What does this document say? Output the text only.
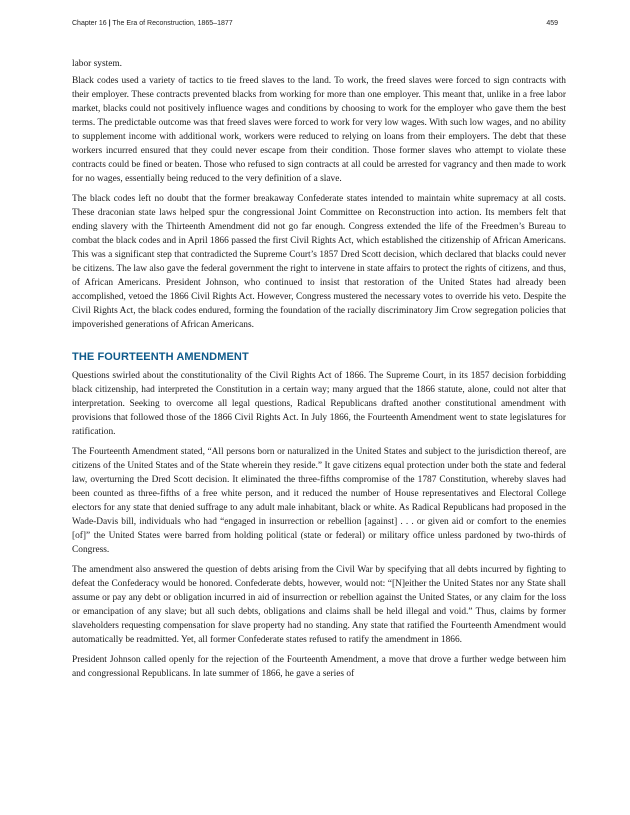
Chapter 16 | The Era of Reconstruction, 1865–1877	459

labor system.

Black codes used a variety of tactics to tie freed slaves to the land. To work, the freed slaves were forced to sign contracts with their employer. These contracts prevented blacks from working for more than one employer. This meant that, unlike in a free labor market, blacks could not positively influence wages and conditions by choosing to work for the employer who gave them the best terms. The predictable outcome was that freed slaves were forced to work for very low wages. With such low wages, and no ability to supplement income with additional work, workers were reduced to relying on loans from their employers. The debt that these workers incurred ensured that they could never escape from their condition. Those former slaves who attempt to violate these contracts could be fined or beaten. Those who refused to sign contracts at all could be arrested for vagrancy and then made to work for no wages, essentially being reduced to the very definition of a slave.

The black codes left no doubt that the former breakaway Confederate states intended to maintain white supremacy at all costs. These draconian state laws helped spur the congressional Joint Committee on Reconstruction into action. Its members felt that ending slavery with the Thirteenth Amendment did not go far enough. Congress extended the life of the Freedmen’s Bureau to combat the black codes and in April 1866 passed the first Civil Rights Act, which established the citizenship of African Americans. This was a significant step that contradicted the Supreme Court’s 1857 Dred Scott decision, which declared that blacks could never be citizens. The law also gave the federal government the right to intervene in state affairs to protect the rights of citizens, and thus, of African Americans. President Johnson, who continued to insist that restoration of the United States had already been accomplished, vetoed the 1866 Civil Rights Act. However, Congress mustered the necessary votes to override his veto. Despite the Civil Rights Act, the black codes endured, forming the foundation of the racially discriminatory Jim Crow segregation policies that impoverished generations of African Americans.

THE FOURTEENTH AMENDMENT

Questions swirled about the constitutionality of the Civil Rights Act of 1866. The Supreme Court, in its 1857 decision forbidding black citizenship, had interpreted the Constitution in a certain way; many argued that the 1866 statute, alone, could not alter that interpretation. Seeking to overcome all legal questions, Radical Republicans drafted another constitutional amendment with provisions that followed those of the 1866 Civil Rights Act. In July 1866, the Fourteenth Amendment went to state legislatures for ratification.

The Fourteenth Amendment stated, “All persons born or naturalized in the United States and subject to the jurisdiction thereof, are citizens of the United States and of the State wherein they reside.” It gave citizens equal protection under both the state and federal law, overturning the Dred Scott decision. It eliminated the three-fifths compromise of the 1787 Constitution, whereby slaves had been counted as three-fifths of a free white person, and it reduced the number of House representatives and Electoral College electors for any state that denied suffrage to any adult male inhabitant, black or white. As Radical Republicans had proposed in the Wade-Davis bill, individuals who had “engaged in insurrection or rebellion [against] . . . or given aid or comfort to the enemies [of]” the United States were barred from holding political (state or federal) or military office unless pardoned by two-thirds of Congress.

The amendment also answered the question of debts arising from the Civil War by specifying that all debts incurred by fighting to defeat the Confederacy would be honored. Confederate debts, however, would not: “[N]either the United States nor any State shall assume or pay any debt or obligation incurred in aid of insurrection or rebellion against the United States, or any claim for the loss or emancipation of any slave; but all such debts, obligations and claims shall be held illegal and void.” Thus, claims by former slaveholders requesting compensation for slave property had no standing. Any state that ratified the Fourteenth Amendment would automatically be readmitted. Yet, all former Confederate states refused to ratify the amendment in 1866.

President Johnson called openly for the rejection of the Fourteenth Amendment, a move that drove a further wedge between him and congressional Republicans. In late summer of 1866, he gave a series of
